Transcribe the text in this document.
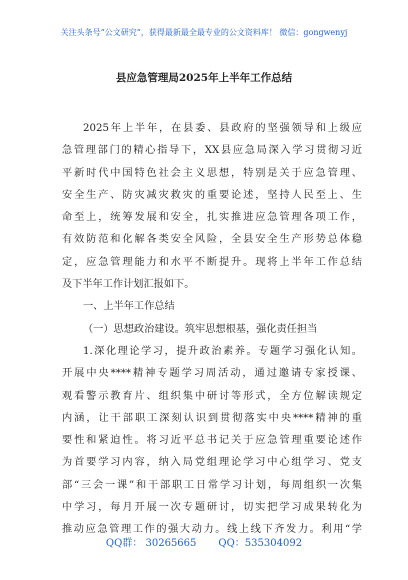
关注头条号“公文研究”，获得最新最全最专业的公文资料库！ 微信：gongwenyj
县应急管理局2025年上半年工作总结
2025年上半年，在县委、县政府的坚强领导和上级应
急管理部门的精心指导下，XX县应急局深入学习贯彻习近
平新时代中国特色社会主义思想，特别是关于应急管理、
安全生产、防灾减灾救灾的重要论述，坚持人民至上、生
命至上，统筹发展和安全，扎实推进应急管理各项工作，
有效防范和化解各类安全风险，全县安全生产形势总体稳
定，应急管理能力和水平不断提升。现将上半年工作总结
及下半年工作计划汇报如下。
一、上半年工作总结
（一）思想政治建设。筑牢思想根基，强化责任担当
1.深化理论学习，提升政治素养。专题学习强化认知。
开展中央****精神专题学习周活动，通过邀请专家授课、
观看警示教育片、组织集中研讨等形式，全方位解读规定
内涵，让干部职工深刻认识到贯彻落实中央****精神的重
要性和紧迫性。将习近平总书记关于应急管理重要论述作
为首要学习内容，纳入局党组理论学习中心组学习、党支
部“三会一课”和干部职工日常学习计划，每周组织一次集
中学习，每月开展一次专题研讨，切实把学习成果转化为
推动应急管理工作的强大动力。线上线下齐发力。利用“学
QQ群： 30265665 QQ：535304092
